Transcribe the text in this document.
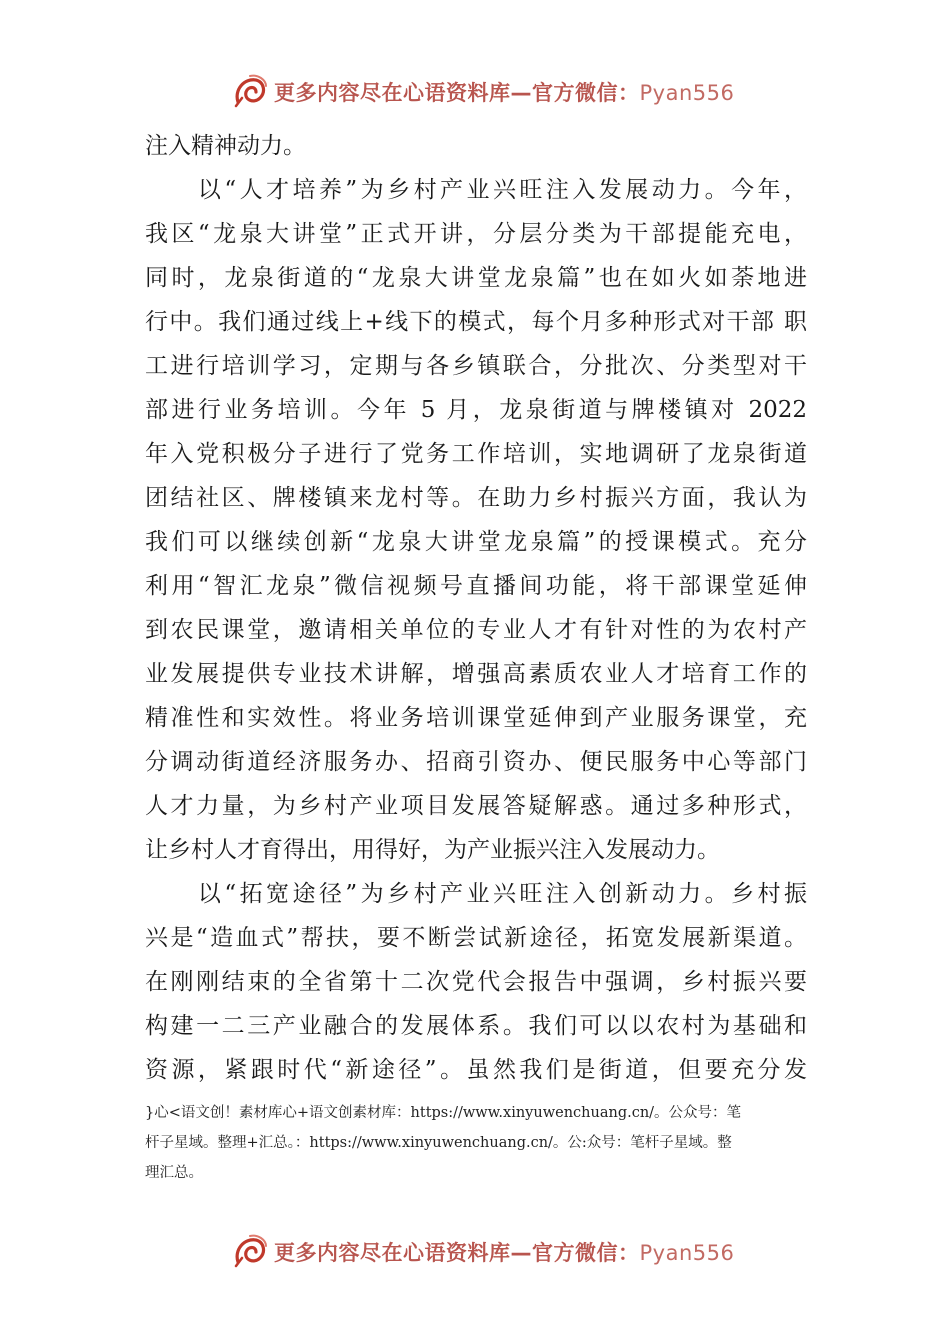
更多内容尽在心语资料库—官方微信：Pyan556
注入精神动力。
　　以“人才培养”为乡村产业兴旺注入发展动力。今年，
我区“龙泉大讲堂”正式开讲，分层分类为干部提能充电，
同时，龙泉街道的“龙泉大讲堂龙泉篇”也在如火如荼地进
行中。我们通过线上+线下的模式，每个月多种形式对干部 职
工进行培训学习，定期与各乡镇联合，分批次、分类型对干
部进行业务培训。今年 5 月，龙泉街道与牌楼镇对 2022
年入党积极分子进行了党务工作培训，实地调研了龙泉街道
团结社区、牌楼镇来龙村等。在助力乡村振兴方面，我认为
我们可以继续创新“龙泉大讲堂龙泉篇”的授课模式。充分
利用“智汇龙泉”微信视频号直播间功能，将干部课堂延伸
到农民课堂，邀请相关单位的专业人才有针对性的为农村产
业发展提供专业技术讲解，增强高素质农业人才培育工作的
精准性和实效性。将业务培训课堂延伸到产业服务课堂，充
分调动街道经济服务办、招商引资办、便民服务中心等部门
人才力量，为乡村产业项目发展答疑解惑。通过多种形式，
让乡村人才育得出，用得好，为产业振兴注入发展动力。
　　以“拓宽途径”为乡村产业兴旺注入创新动力。乡村振
兴是“造血式”帮扶，要不断尝试新途径，拓宽发展新渠道。
在刚刚结束的全省第十二次党代会报告中强调，乡村振兴要
构建一二三产业融合的发展体系。我们可以以农村为基础和
资源，紧跟时代“新途径”。虽然我们是街道，但要充分发
}心<语文创！素材库心+语文创素材库：https://www.xinyuwenchuang.cn/。公众号：笔
杆子星域。整理+汇总。：https://www.xinyuwenchuang.cn/。公:众号：笔杆子星域。整
理汇总。
更多内容尽在心语资料库—官方微信：Pyan556
